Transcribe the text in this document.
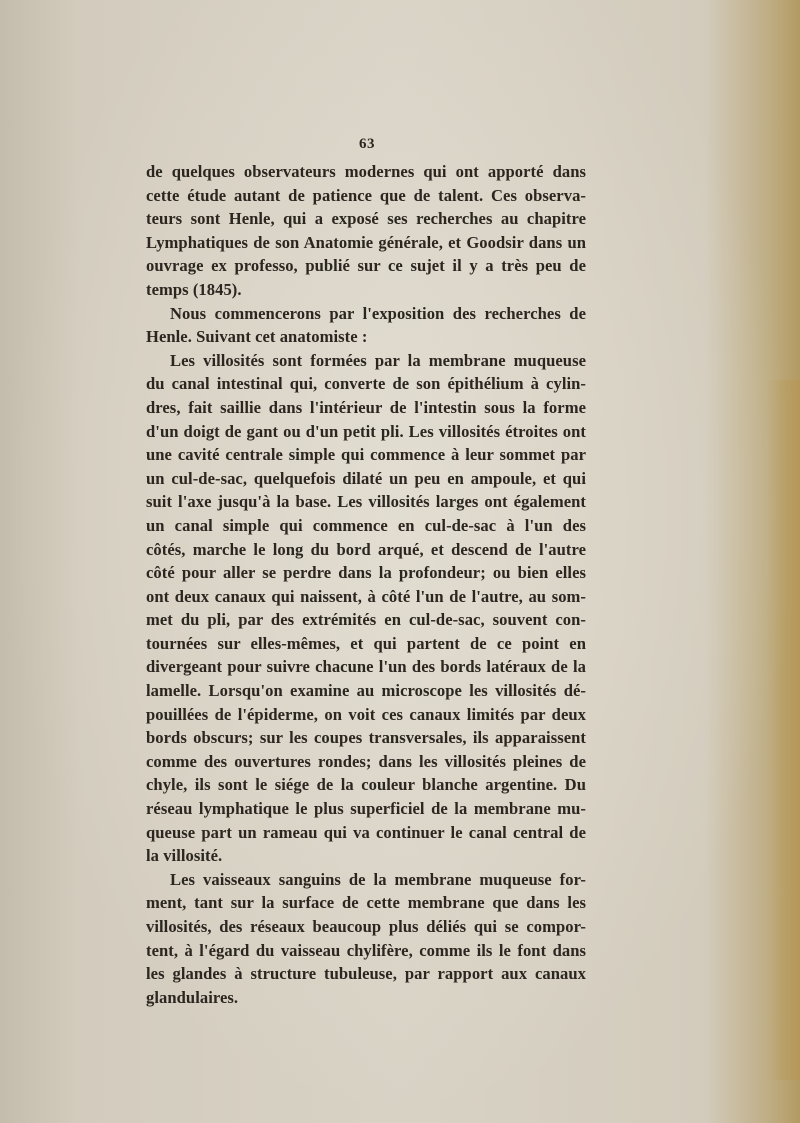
63
de quelques observateurs modernes qui ont apporté dans
cette étude autant de patience que de talent. Ces observa-
teurs sont Henle, qui a exposé ses recherches au chapitre
Lymphatiques de son Anatomie générale, et Goodsir dans un
ouvrage ex professo, publié sur ce sujet il y a très peu de
temps (1845).
Nous commencerons par l'exposition des recherches de
Henle. Suivant cet anatomiste :
Les villosités sont formées par la membrane muqueuse
du canal intestinal qui, converte de son épithélium à cylin-
dres, fait saillie dans l'intérieur de l'intestin sous la forme
d'un doigt de gant ou d'un petit pli. Les villosités étroites ont
une cavité centrale simple qui commence à leur sommet par
un cul-de-sac, quelquefois dilaté un peu en ampoule, et qui
suit l'axe jusqu'à la base. Les villosités larges ont également
un canal simple qui commence en cul-de-sac à l'un des
côtés, marche le long du bord arqué, et descend de l'autre
côté pour aller se perdre dans la profondeur; ou bien elles
ont deux canaux qui naissent, à côté l'un de l'autre, au som-
met du pli, par des extrémités en cul-de-sac, souvent con-
tournées sur elles-mêmes, et qui partent de ce point en
divergeant pour suivre chacune l'un des bords latéraux de la
lamelle. Lorsqu'on examine au microscope les villosités dé-
pouillées de l'épiderme, on voit ces canaux limités par deux
bords obscurs; sur les coupes transversales, ils apparaissent
comme des ouvertures rondes; dans les villosités pleines de
chyle, ils sont le siége de la couleur blanche argentine. Du
réseau lymphatique le plus superficiel de la membrane mu-
queuse part un rameau qui va continuer le canal central de
la villosité.
Les vaisseaux sanguins de la membrane muqueuse for-
ment, tant sur la surface de cette membrane que dans les
villosités, des réseaux beaucoup plus déliés qui se compor-
tent, à l'égard du vaisseau chylifère, comme ils le font dans
les glandes à structure tubuleuse, par rapport aux canaux
glandulaires.
